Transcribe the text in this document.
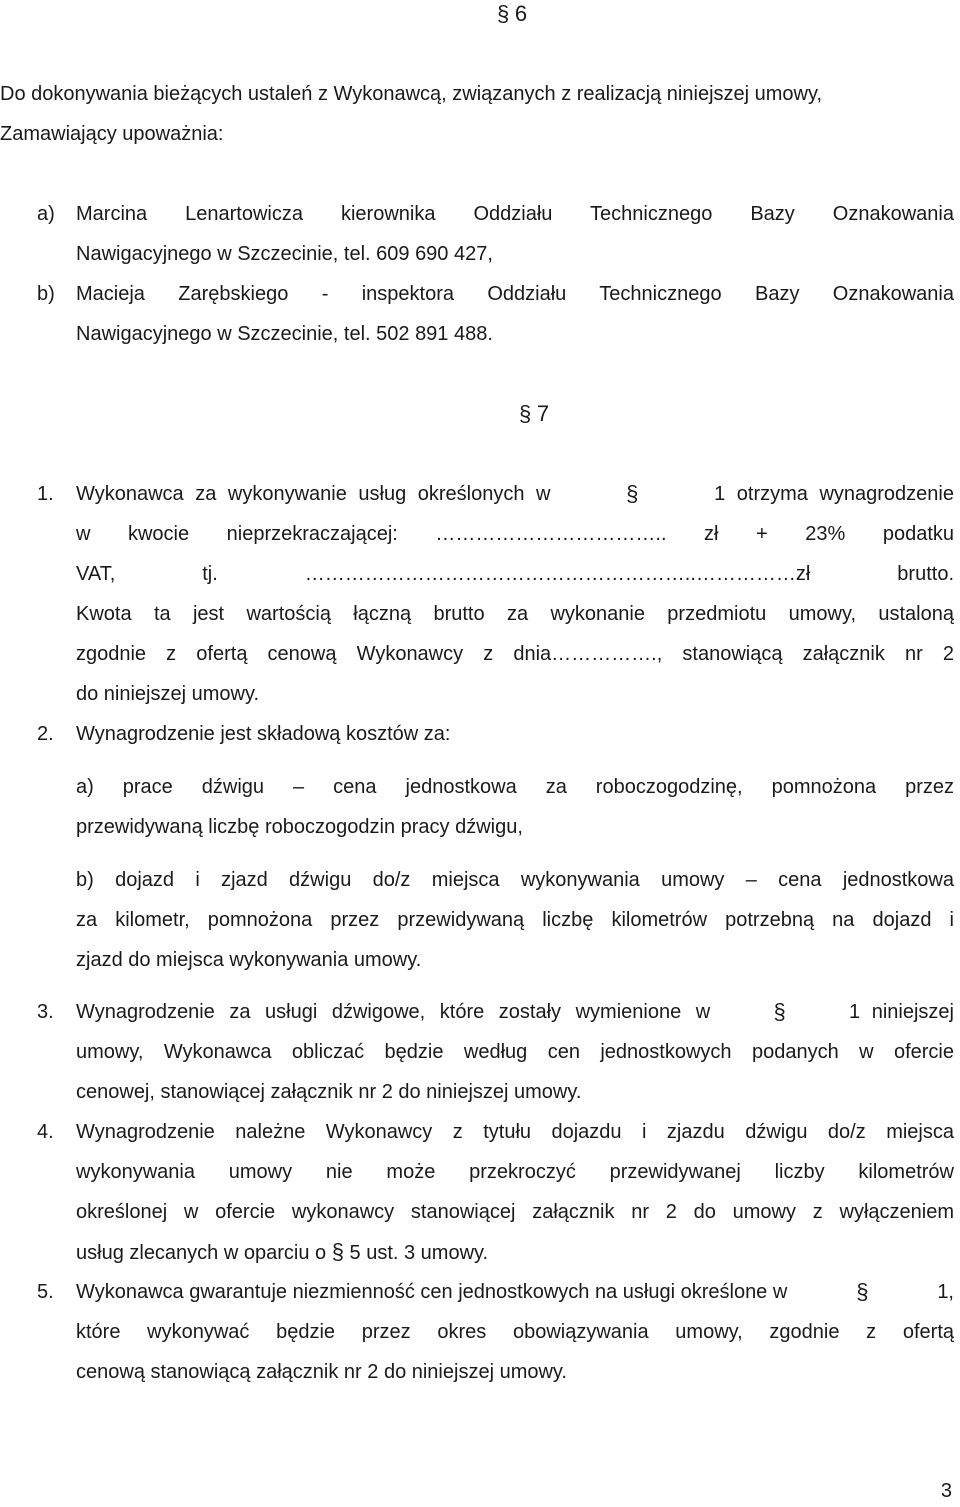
§ 6
Do dokonywania bieżących ustaleń z Wykonawcą, związanych z realizacją niniejszej umowy,
Zamawiający upoważnia:
a) Marcina Lenartowicza kierownika Oddziału Technicznego Bazy Oznakowania
Nawigacyjnego w Szczecinie, tel. 609 690 427,
b) Macieja Zarębskiego - inspektora Oddziału Technicznego Bazy Oznakowania
Nawigacyjnego w Szczecinie, tel. 502 891 488.
§ 7
1. Wykonawca za wykonywanie usług określonych w	§	1 otrzyma wynagrodzenie
w kwocie nieprzekraczającej: …………………………….. zł + 23% podatku
VAT, tj. …………………………………………………..……………zł brutto.
Kwota ta jest wartością łączną brutto za wykonanie przedmiotu umowy, ustaloną
zgodnie z ofertą cenową Wykonawcy z dnia……………., stanowiącą załącznik nr 2
do niniejszej umowy.
2. Wynagrodzenie jest składową kosztów za:
a) prace dźwigu – cena jednostkowa za roboczogodzinę, pomnożona przez
przewidywaną liczbę roboczogodzin pracy dźwigu,
b) dojazd i zjazd dźwigu do/z miejsca wykonywania umowy – cena jednostkowa
za kilometr, pomnożona przez przewidywaną liczbę kilometrów potrzebną na dojazd i
zjazd do miejsca wykonywania umowy.
3. Wynagrodzenie za usługi dźwigowe, które zostały wymienione w	§	1 niniejszej
umowy, Wykonawca obliczać będzie według cen jednostkowych podanych w ofercie
cenowej, stanowiącej załącznik nr 2 do niniejszej umowy.
4. Wynagrodzenie należne Wykonawcy z tytułu dojazdu i zjazdu dźwigu do/z miejsca
wykonywania umowy nie może przekroczyć przewidywanej liczby kilometrów
określonej w ofercie wykonawcy stanowiącej załącznik nr 2 do umowy z wyłączeniem
usług zlecanych w oparciu o § 5 ust. 3 umowy.
5. Wykonawca gwarantuje niezmienność cen jednostkowych na usługi określone w	§	1,
które wykonywać będzie przez okres obowiązywania umowy, zgodnie z ofertą
cenową stanowiącą załącznik nr 2 do niniejszej umowy.
3
